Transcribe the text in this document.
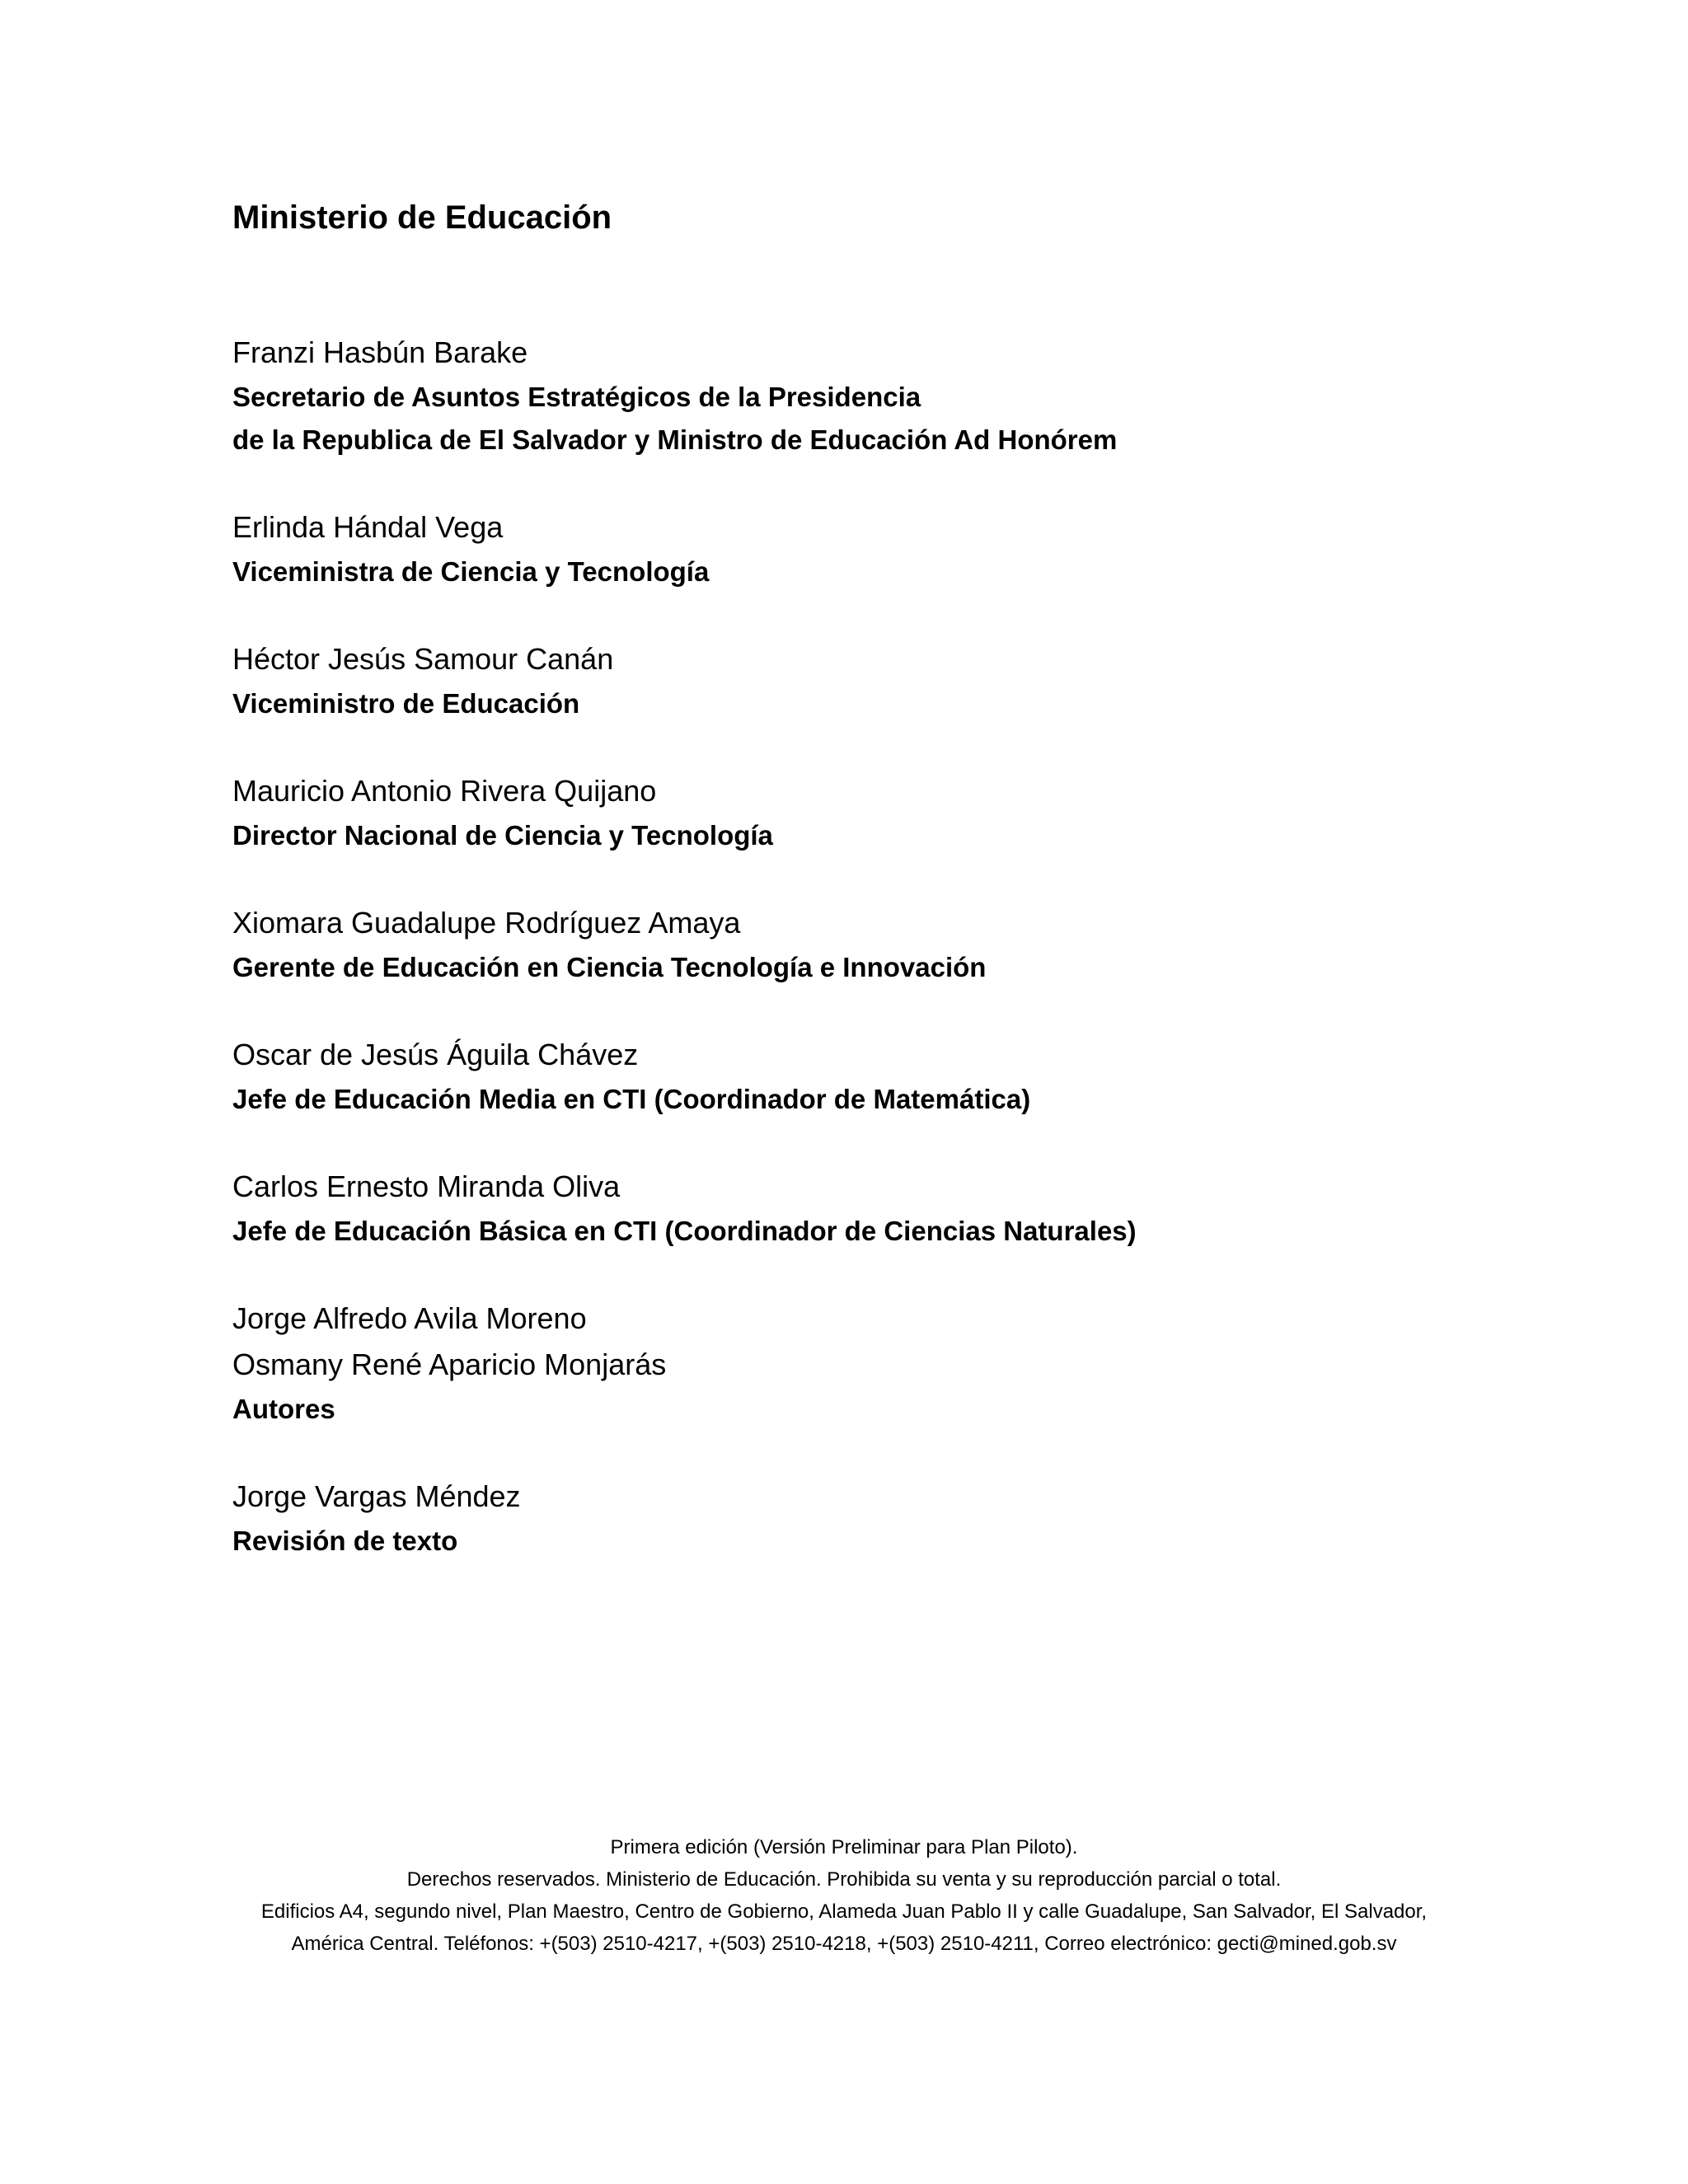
Ministerio de Educación
Franzi Hasbún Barake
Secretario de Asuntos Estratégicos de la Presidencia
de la Republica de El Salvador y Ministro de Educación Ad Honórem
Erlinda Hándal Vega
Viceministra de Ciencia y Tecnología
Héctor Jesús Samour Canán
Viceministro de Educación
Mauricio Antonio Rivera Quijano
Director Nacional de Ciencia y Tecnología
Xiomara Guadalupe Rodríguez Amaya
Gerente de Educación en Ciencia Tecnología e Innovación
Oscar de Jesús Águila Chávez
Jefe de Educación Media en CTI (Coordinador de Matemática)
Carlos Ernesto Miranda Oliva
Jefe de Educación Básica en CTI (Coordinador de Ciencias Naturales)
Jorge Alfredo Avila Moreno
Osmany René Aparicio Monjarás
Autores
Jorge Vargas Méndez
Revisión de texto
Primera edición (Versión Preliminar para Plan Piloto).
Derechos reservados. Ministerio de Educación. Prohibida su venta y su reproducción parcial o total.
Edificios A4, segundo nivel, Plan Maestro, Centro de Gobierno, Alameda Juan Pablo II y calle Guadalupe, San Salvador, El Salvador,
América Central. Teléfonos: +(503) 2510-4217, +(503) 2510-4218, +(503) 2510-4211, Correo electrónico: gecti@mined.gob.sv
